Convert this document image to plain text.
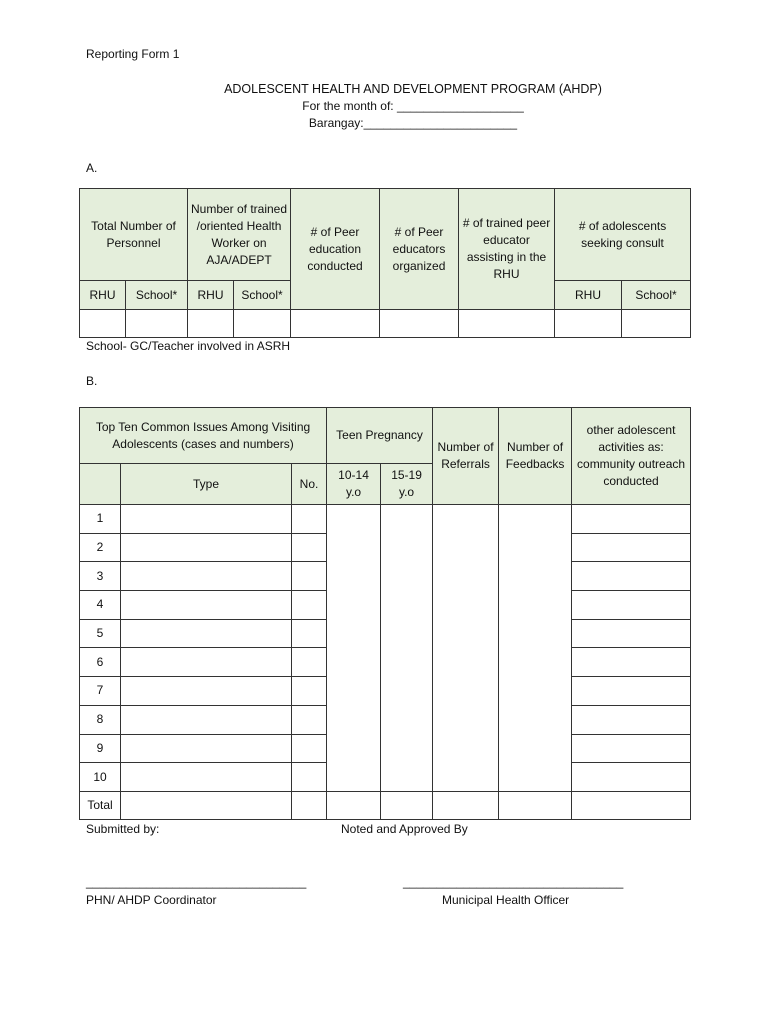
Reporting Form 1
ADOLESCENT HEALTH AND DEVELOPMENT PROGRAM (AHDP)
For the month of: ___________________
Barangay:_______________________
A.
Total Number of Personnel		Number of trained /oriented Health Worker on AJA/ADEPT		# of Peer education conducted	# of Peer educators organized	# of trained peer educator assisting in the RHU	# of adolescents seeking consult	
RHU	School*	RHU	School*				RHU	School*

School- GC/Teacher involved in ASRH
B.
Top Ten Common Issues Among Visiting Adolescents (cases and numbers)			Teen Pregnancy		Number of Referrals	Number of Feedbacks	other adolescent activities as: community outreach conducted
	Type	No.	10-14 y.o	15-19 y.o			
1							
2							
3							
4							
5							
6							
7							
8							
9							
10							
Total							
Submitted by:	Noted and Approved By
_________________________________	_________________________________
PHN/ AHDP Coordinator	Municipal Health Officer
